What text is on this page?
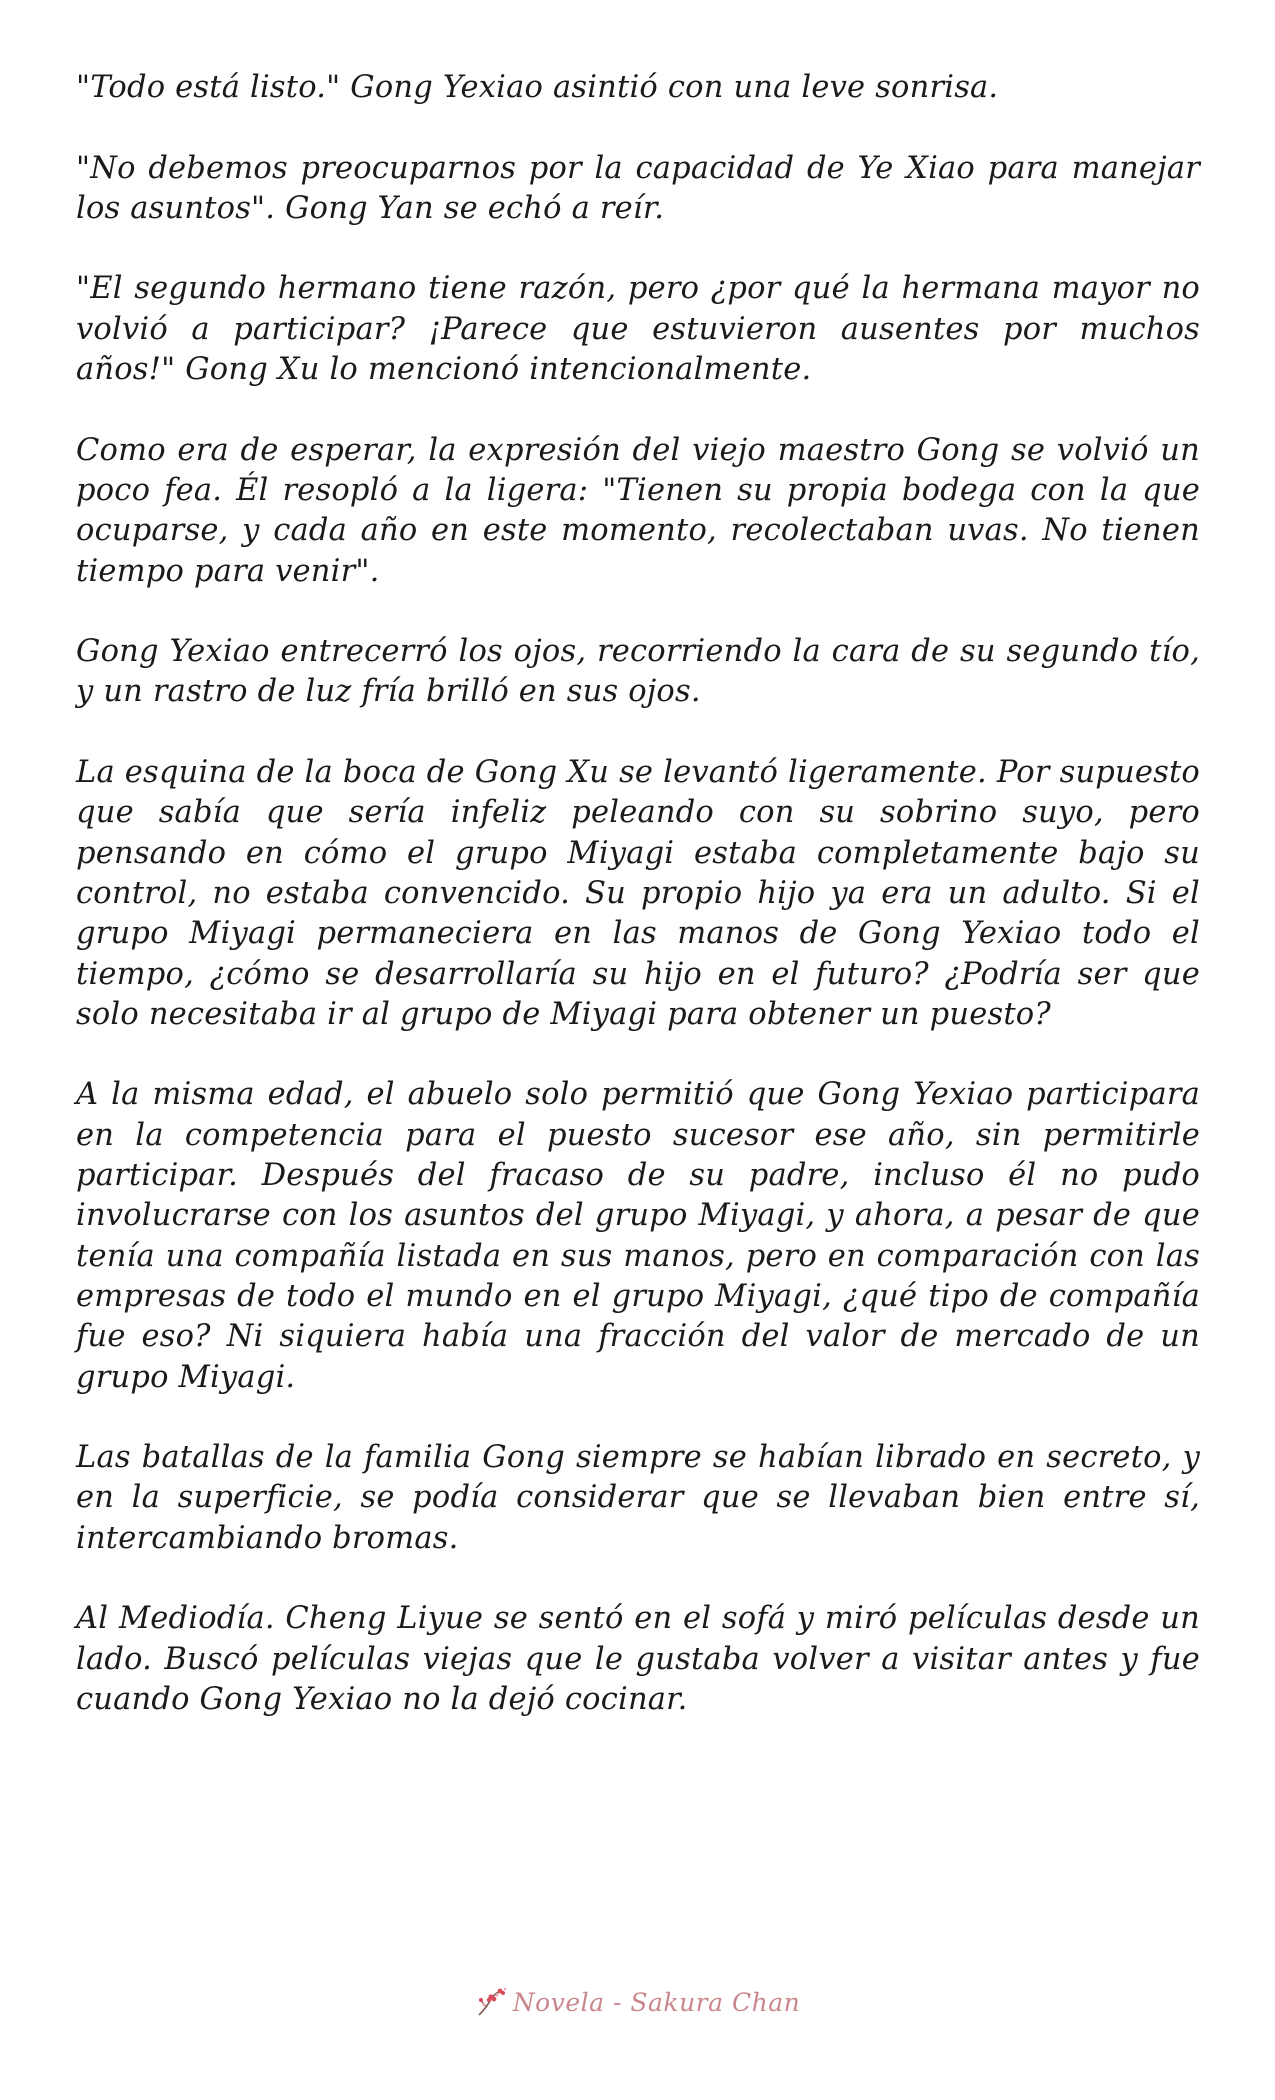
"Todo está listo." Gong Yexiao asintió con una leve sonrisa.

"No debemos preocuparnos por la capacidad de Ye Xiao para manejar los asuntos". Gong Yan se echó a reír.

"El segundo hermano tiene razón, pero ¿por qué la hermana mayor no volvió a participar? ¡Parece que estuvieron ausentes por muchos años!" Gong Xu lo mencionó intencionalmente.

Como era de esperar, la expresión del viejo maestro Gong se volvió un poco fea. Él resopló a la ligera: "Tienen su propia bodega con la que ocuparse, y cada año en este momento, recolectaban uvas. No tienen tiempo para venir".

Gong Yexiao entrecerró los ojos, recorriendo la cara de su segundo tío, y un rastro de luz fría brilló en sus ojos.

La esquina de la boca de Gong Xu se levantó ligeramente. Por supuesto que sabía que sería infeliz peleando con su sobrino suyo, pero pensando en cómo el grupo Miyagi estaba completamente bajo su control, no estaba convencido. Su propio hijo ya era un adulto. Si el grupo Miyagi permaneciera en las manos de Gong Yexiao todo el tiempo, ¿cómo se desarrollaría su hijo en el futuro? ¿Podría ser que solo necesitaba ir al grupo de Miyagi para obtener un puesto?

A la misma edad, el abuelo solo permitió que Gong Yexiao participara en la competencia para el puesto sucesor ese año, sin permitirle participar. Después del fracaso de su padre, incluso él no pudo involucrarse con los asuntos del grupo Miyagi, y ahora, a pesar de que tenía una compañía listada en sus manos, pero en comparación con las empresas de todo el mundo en el grupo Miyagi, ¿qué tipo de compañía fue eso? Ni siquiera había una fracción del valor de mercado de un grupo Miyagi.

Las batallas de la familia Gong siempre se habían librado en secreto, y en la superficie, se podía considerar que se llevaban bien entre sí, intercambiando bromas.

Al Mediodía. Cheng Liyue se sentó en el sofá y miró películas desde un lado. Buscó películas viejas que le gustaba volver a visitar antes y fue cuando Gong Yexiao no la dejó cocinar.

Novela - Sakura Chan
